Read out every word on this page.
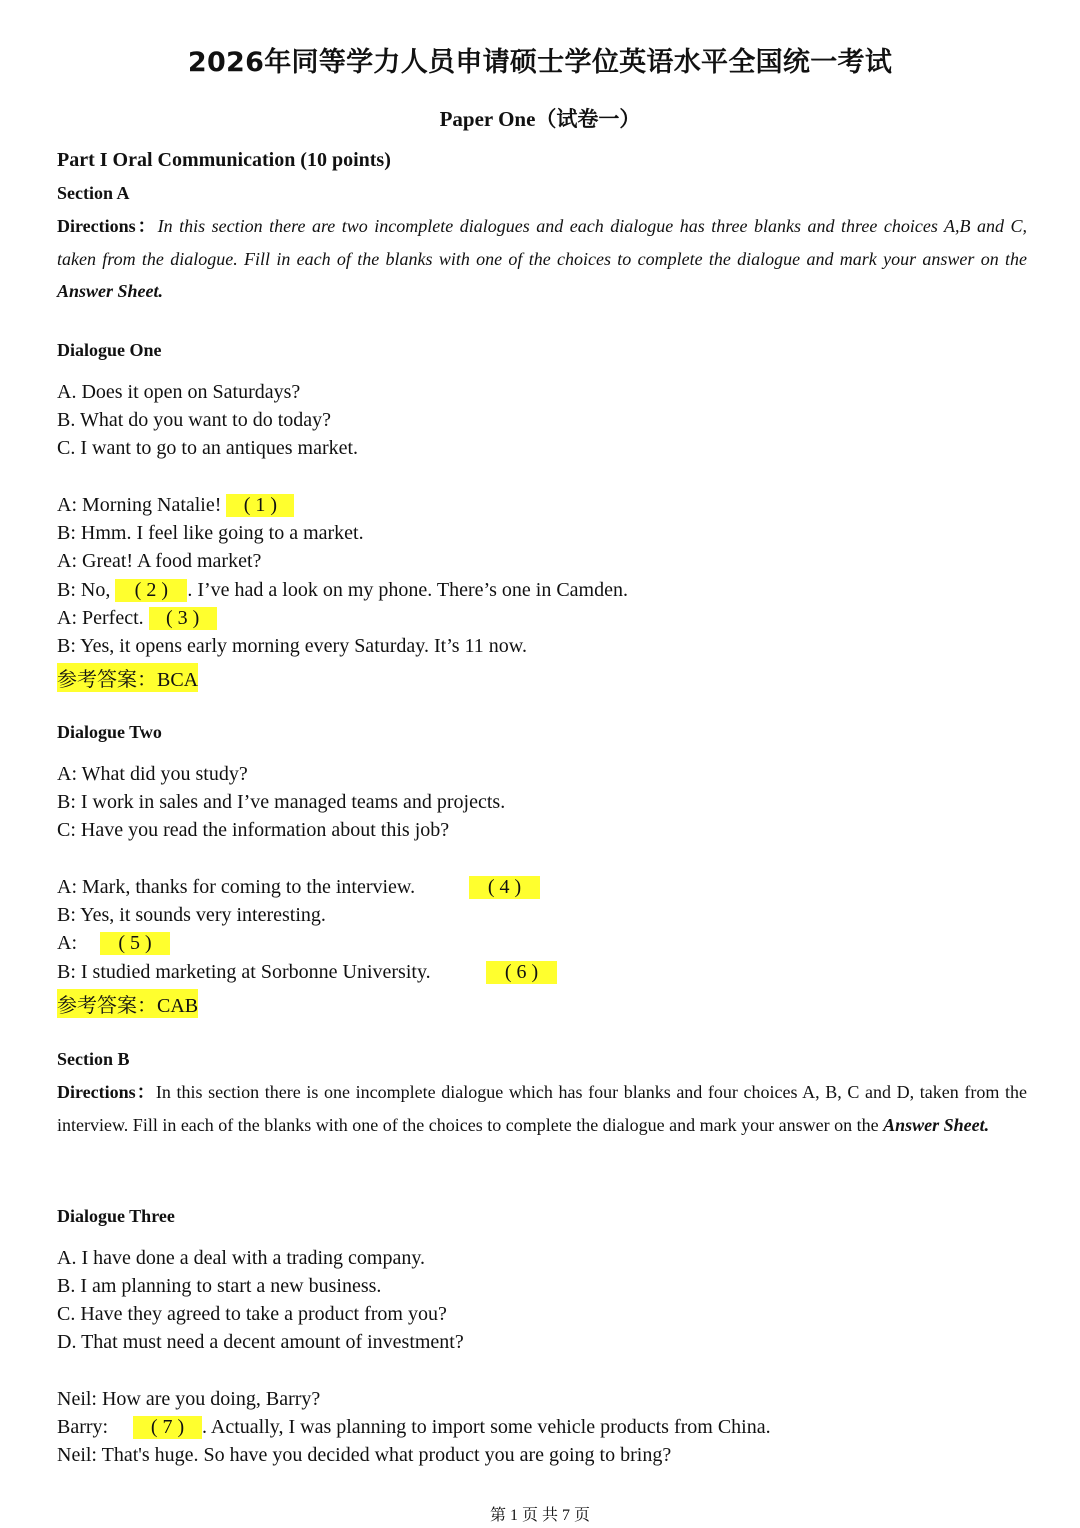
2026年同等学力人员申请硕士学位英语水平全国统一考试
Paper One（试卷一）
Part I Oral Communication (10 points)
Section A
Directions：In this section there are two incomplete dialogues and each dialogue has three blanks and three choices A,B and C, taken from the dialogue. Fill in each of the blanks with one of the choices to complete the dialogue and mark your answer on the Answer Sheet.
Dialogue One
A. Does it open on Saturdays?
B. What do you want to do today?
C. I want to go to an antiques market.
A: Morning Natalie! ( 1 )
B: Hmm. I feel like going to a market.
A: Great! A food market?
B: No, ( 2 ) . I’ve had a look on my phone. There’s one in Camden.
A: Perfect. ( 3 )
B: Yes, it opens early morning every Saturday. It’s 11 now.
参考答案：BCA
Dialogue Two
A: What did you study?
B: I work in sales and I’ve managed teams and projects.
C: Have you read the information about this job?
A: Mark, thanks for coming to the interview.	( 4 )
B: Yes, it sounds very interesting.
A:	( 5 )
B: I studied marketing at Sorbonne University.	( 6 )
参考答案：CAB
Section B
Directions：In this section there is one incomplete dialogue which has four blanks and four choices A, B, C and D, taken from the interview. Fill in each of the blanks with one of the choices to complete the dialogue and mark your answer on the Answer Sheet.
Dialogue Three
A. I have done a deal with a trading company.
B. I am planning to start a new business.
C. Have they agreed to take a product from you?
D. That must need a decent amount of investment?
Neil: How are you doing, Barry?
Barry:	( 7 ) . Actually, I was planning to import some vehicle products from China.
Neil: That's huge. So have you decided what product you are going to bring?
第 1 页 共 7 页
